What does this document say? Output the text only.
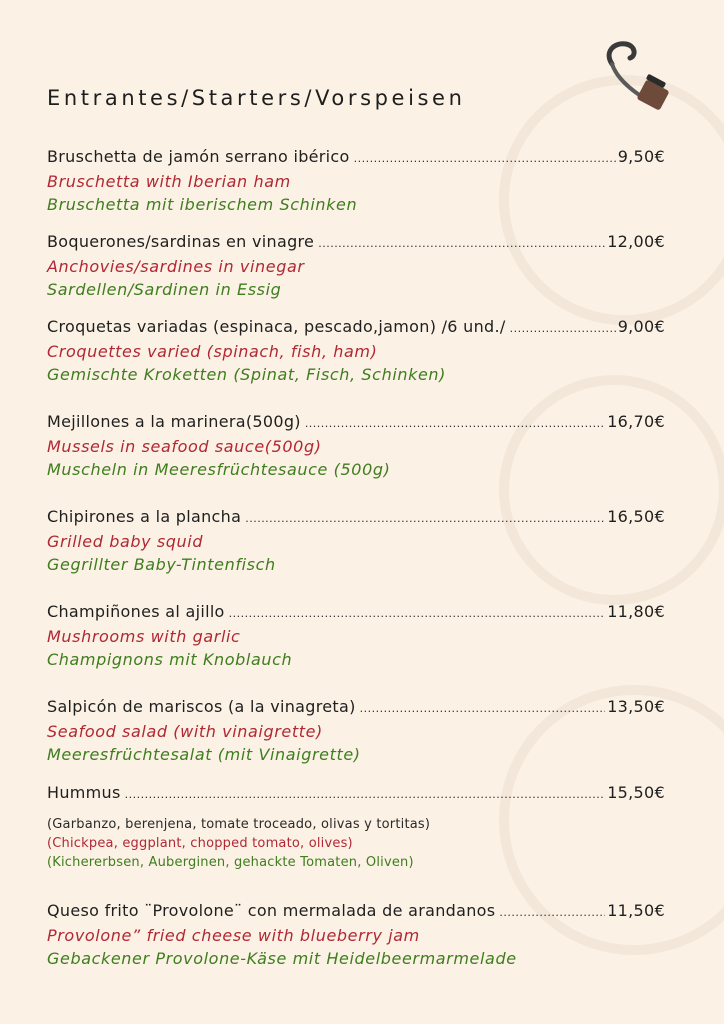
Entrantes/Starters/Vorspeisen
Bruschetta de jamón serrano ibérico .....	9,50€
Bruschetta with Iberian ham
Bruschetta mit iberischem Schinken
Boquerones/sardinas en vinagre .....	12,00€
Anchovies/sardines in vinegar
Sardellen/Sardinen in Essig
Croquetas variadas (espinaca, pescado,jamon) /6 und./ .....	9,00€
Croquettes varied (spinach, fish, ham)
Gemischte Kroketten (Spinat, Fisch, Schinken)
Mejillones a la marinera(500g) .....	16,70€
Mussels in seafood sauce(500g)
Muscheln in Meeresfrüchtesauce (500g)
Chipirones a la plancha .....	16,50€
Grilled baby squid
Gegrillter Baby-Tintenfisch
Champiñones al ajillo .....	11,80€
Mushrooms with garlic
Champignons mit Knoblauch
Salpicón de mariscos (a la vinagreta) .....	13,50€
Seafood salad (with vinaigrette)
Meeresfrüchtesalat (mit Vinaigrette)
Hummus .....	15,50€
(Garbanzo, berenjena, tomate troceado, olivas y tortitas)
(Chickpea, eggplant, chopped tomato, olives)
(Kichererbsen, Auberginen, gehackte Tomaten, Oliven)
Queso frito ¨Provolone¨ con mermalada de arandanos .....	11,50€
Provolone” fried cheese with blueberry jam
Gebackener Provolone-Käse mit Heidelbeermarmelade
